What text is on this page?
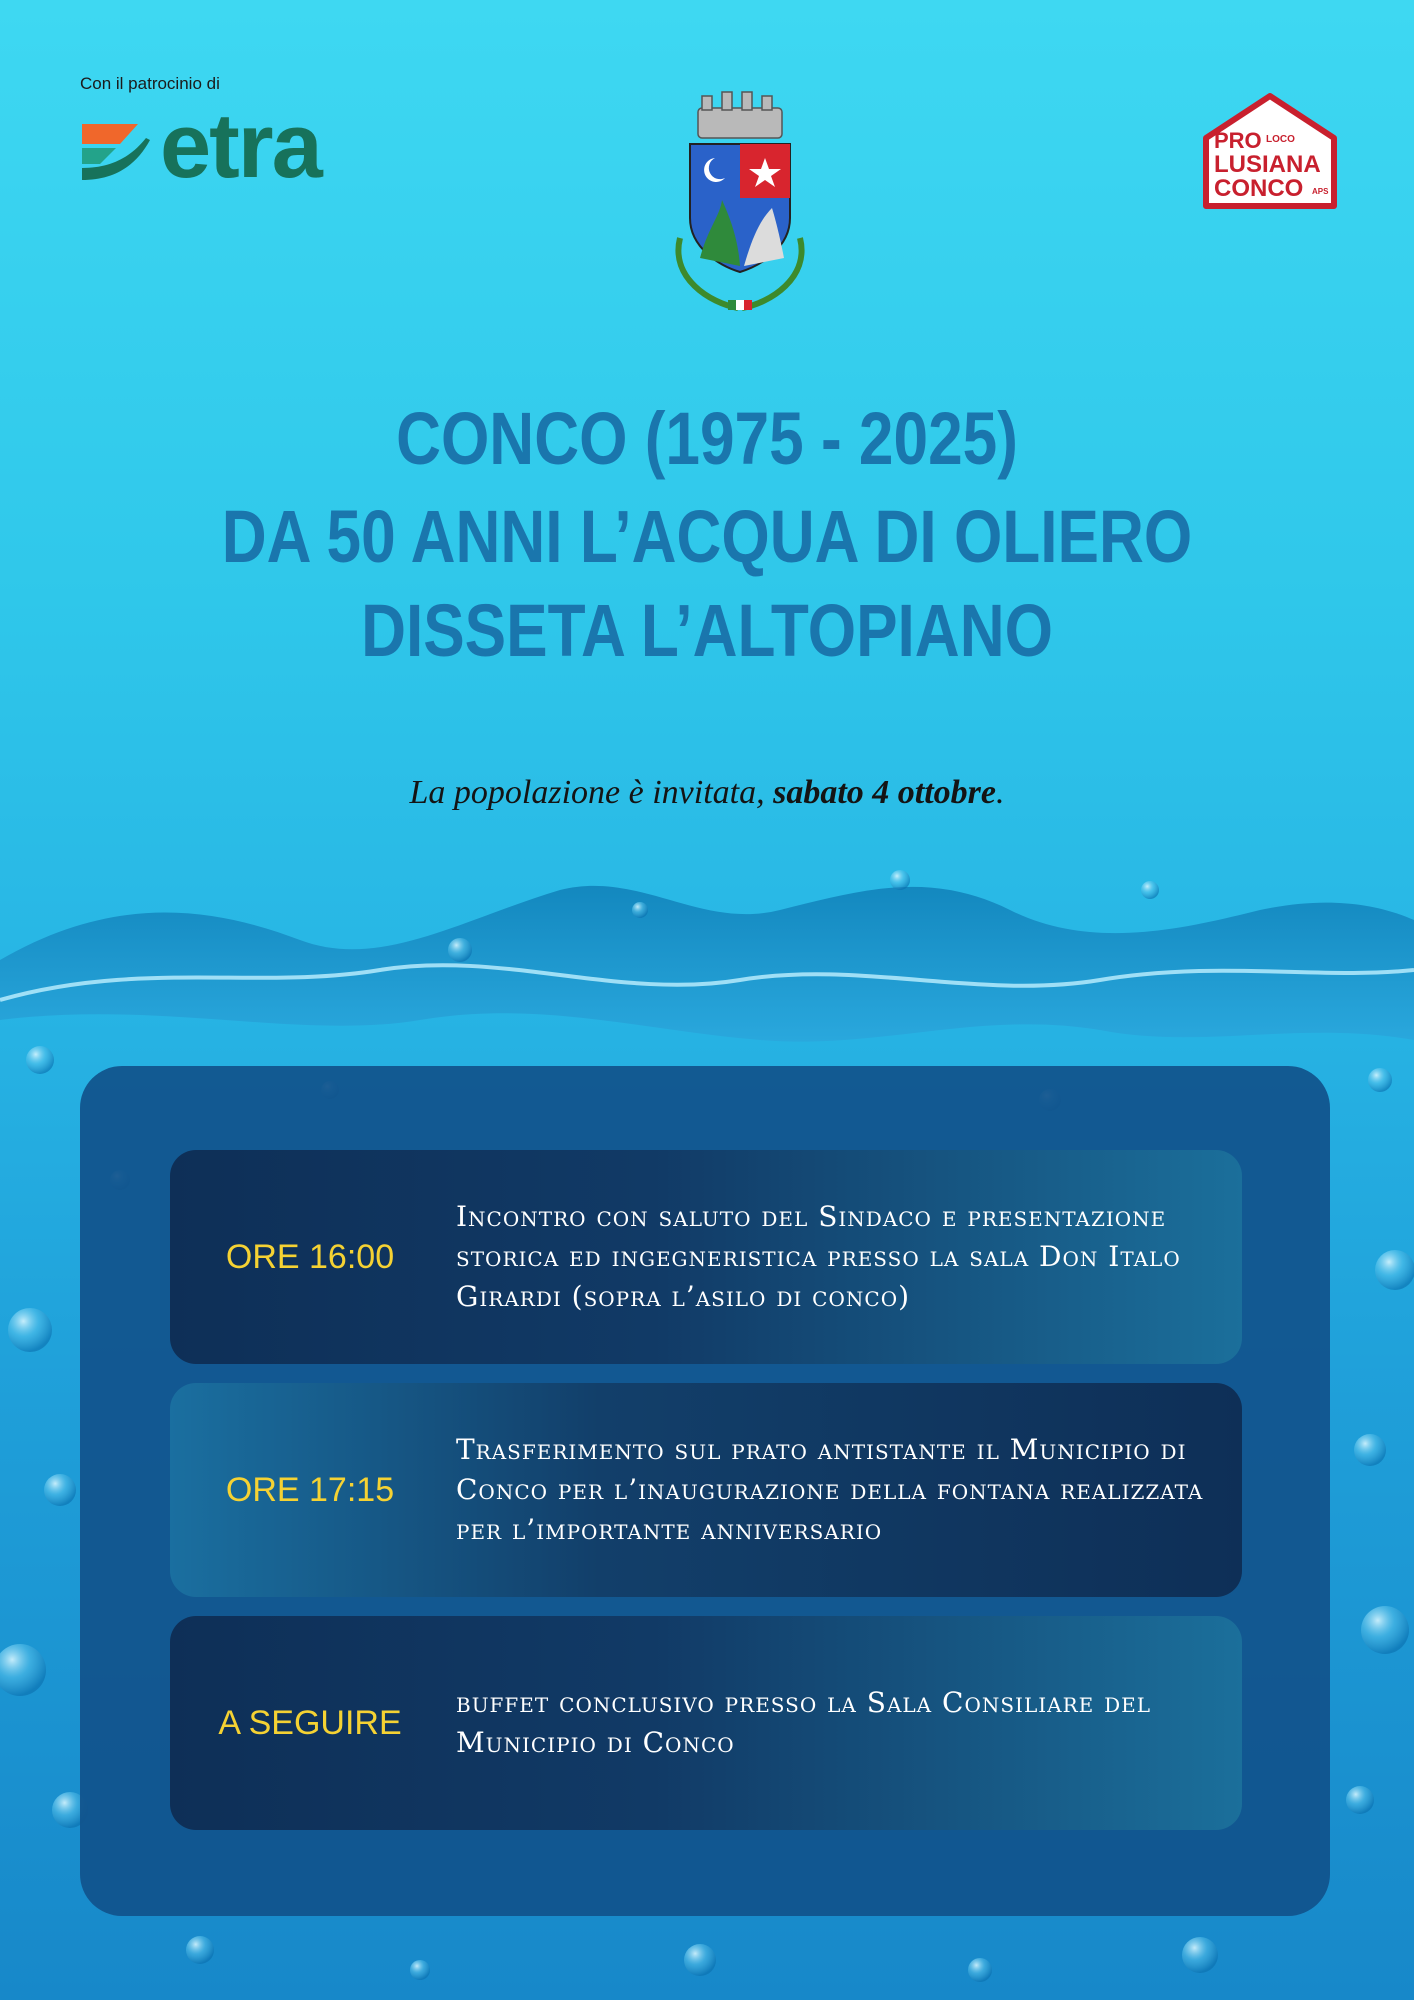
Con il patrocinio di
etra	PRO LOCO
LUSIANA
CONCO APS
CONCO (1975 - 2025)
DA 50 ANNI L’ACQUA DI OLIERO
DISSETA L’ALTOPIANO
La popolazione è invitata, sabato 4 ottobre.
ORE 16:00
Incontro con saluto del Sindaco e presentazione storica ed ingegneristica presso la sala Don Italo Girardi (sopra l’asilo di conco)
ORE 17:15
Trasferimento sul prato antistante il Municipio di Conco per l’inaugurazione della fontana realizzata per l’importante anniversario
A SEGUIRE
buffet conclusivo presso la Sala Consiliare del Municipio di Conco
